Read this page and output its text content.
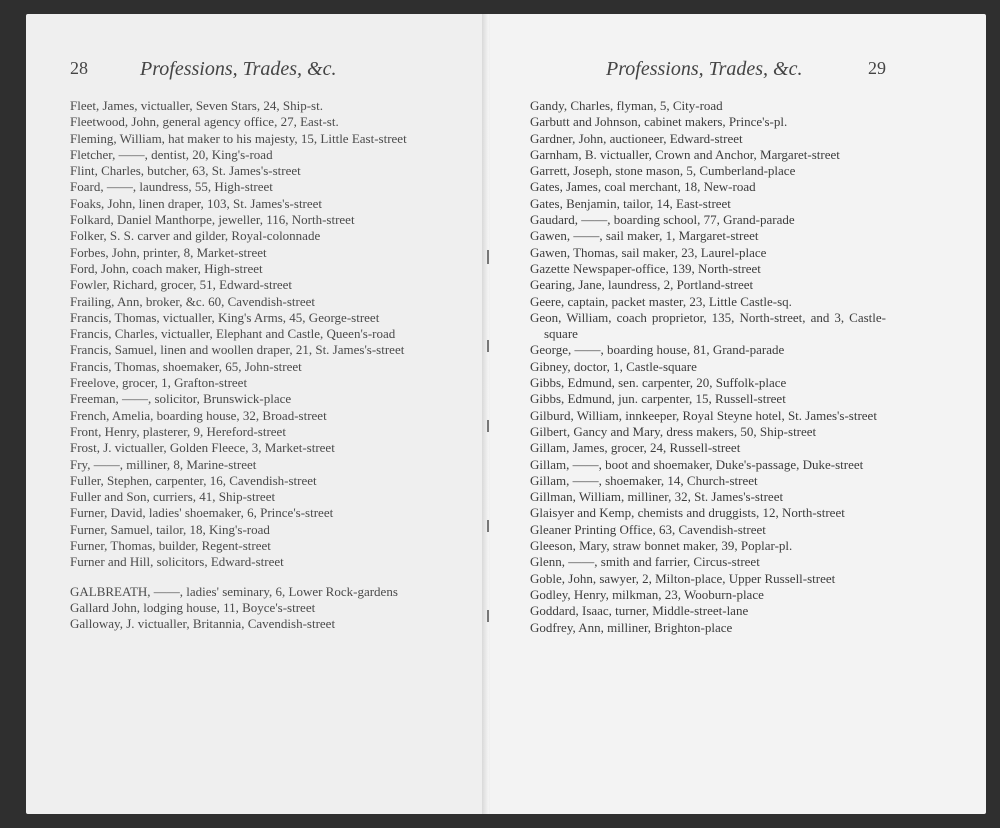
28	Professions, Trades, &c.
Fleet, James, victualler, Seven Stars, 24, Ship-st.
Fleetwood, John, general agency office, 27, East-st.
Fleming, William, hat maker to his majesty, 15, Little East-street
Fletcher, ——, dentist, 20, King's-road
Flint, Charles, butcher, 63, St. James's-street
Foard, ——, laundress, 55, High-street
Foaks, John, linen draper, 103, St. James's-street
Folkard, Daniel Manthorpe, jeweller, 116, North-street
Folker, S. S. carver and gilder, Royal-colonnade
Forbes, John, printer, 8, Market-street
Ford, John, coach maker, High-street
Fowler, Richard, grocer, 51, Edward-street
Frailing, Ann, broker, &c. 60, Cavendish-street
Francis, Thomas, victualler, King's Arms, 45, George-street
Francis, Charles, victualler, Elephant and Castle, Queen's-road
Francis, Samuel, linen and woollen draper, 21, St. James's-street
Francis, Thomas, shoemaker, 65, John-street
Freelove, grocer, 1, Grafton-street
Freeman, ——, solicitor, Brunswick-place
French, Amelia, boarding house, 32, Broad-street
Front, Henry, plasterer, 9, Hereford-street
Frost, J. victualler, Golden Fleece, 3, Market-street
Fry, ——, milliner, 8, Marine-street
Fuller, Stephen, carpenter, 16, Cavendish-street
Fuller and Son, curriers, 41, Ship-street
Furner, David, ladies' shoemaker, 6, Prince's-street
Furner, Samuel, tailor, 18, King's-road
Furner, Thomas, builder, Regent-street
Furner and Hill, solicitors, Edward-street
GALBREATH, ——, ladies' seminary, 6, Lower Rock-gardens
Gallard John, lodging house, 11, Boyce's-street
Galloway, J. victualler, Britannia, Cavendish-street
Professions, Trades, &c.	29
Gandy, Charles, flyman, 5, City-road
Garbutt and Johnson, cabinet makers, Prince's-pl.
Gardner, John, auctioneer, Edward-street
Garnham, B. victualler, Crown and Anchor, Margaret-street
Garrett, Joseph, stone mason, 5, Cumberland-place
Gates, James, coal merchant, 18, New-road
Gates, Benjamin, tailor, 14, East-street
Gaudard, ——, boarding school, 77, Grand-parade
Gawen, ——, sail maker, 1, Margaret-street
Gawen, Thomas, sail maker, 23, Laurel-place
Gazette Newspaper-office, 139, North-street
Gearing, Jane, laundress, 2, Portland-street
Geere, captain, packet master, 23, Little Castle-sq.
Geon, William, coach proprietor, 135, North-street, and 3, Castle-square
George, ——, boarding house, 81, Grand-parade
Gibney, doctor, 1, Castle-square
Gibbs, Edmund, sen. carpenter, 20, Suffolk-place
Gibbs, Edmund, jun. carpenter, 15, Russell-street
Gilburd, William, innkeeper, Royal Steyne hotel, St. James's-street
Gilbert, Gancy and Mary, dress makers, 50, Ship-street
Gillam, James, grocer, 24, Russell-street
Gillam, ——, boot and shoemaker, Duke's-passage, Duke-street
Gillam, ——, shoemaker, 14, Church-street
Gillman, William, milliner, 32, St. James's-street
Glaisyer and Kemp, chemists and druggists, 12, North-street
Gleaner Printing Office, 63, Cavendish-street
Gleeson, Mary, straw bonnet maker, 39, Poplar-pl.
Glenn, ——, smith and farrier, Circus-street
Goble, John, sawyer, 2, Milton-place, Upper Russell-street
Godley, Henry, milkman, 23, Wooburn-place
Goddard, Isaac, turner, Middle-street-lane
Godfrey, Ann, milliner, Brighton-place
